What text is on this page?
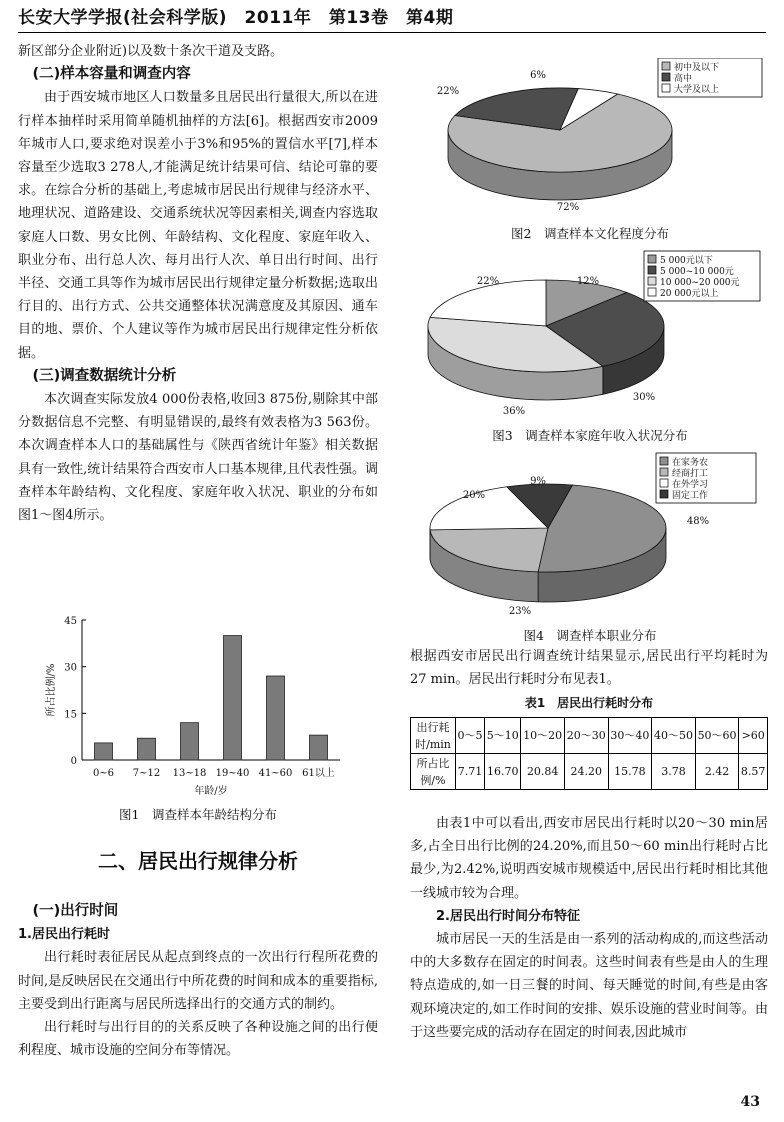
长安大学学报(社会科学版)　2011年　第13卷　第4期

新区部分企业附近)以及数十条次干道及支路。

(二)样本容量和调查内容

由于西安城市地区人口数量多且居民出行量很大,所以在进行样本抽样时采用简单随机抽样的方法[6]。根据西安市2009年城市人口,要求绝对误差小于3%和95%的置信水平[7],样本容量至少选取3 278人,才能满足统计结果可信、结论可靠的要求。在综合分析的基础上,考虑城市居民出行规律与经济水平、地理状况、道路建设、交通系统状况等因素相关,调查内容选取家庭人口数、男女比例、年龄结构、文化程度、家庭年收入、职业分布、出行总人次、每月出行人次、单日出行时间、出行半径、交通工具等作为城市居民出行规律定量分析数据;选取出行目的、出行方式、公共交通整体状况满意度及其原因、通车目的地、票价、个人建议等作为城市居民出行规律定性分析依据。

(三)调查数据统计分析

本次调查实际发放4 000份表格,收回3 875份,剔除其中部分数据信息不完整、有明显错误的,最终有效表格为3 563份。本次调查样本人口的基础属性与《陕西省统计年鉴》相关数据具有一致性,统计结果符合西安市人口基本规律,且代表性强。调查样本年龄结构、文化程度、家庭年收入状况、职业的分布如图1～图4所示。

0
15
30
45
0~6 7~12 13~18 19~40 41~60 61以上
年龄/岁
所占比例/%
图1　调查样本年龄结构分布
二、居民出行规律分析

(一)出行时间

1.居民出行耗时

出行耗时表征居民从起点到终点的一次出行行程所花费的时间,是反映居民在交通出行中所花费的时间和成本的重要指标,主要受到出行距离与居民所选择出行的交通方式的制约。

出行耗时与出行目的的关系反映了各种设施之间的出行便利程度、城市设施的空间分布等情况。

72%
22%
6%
初中及以下
高中
大学及以上
图2　调查样本文化程度分布
12%
30%
36%
22%
5 000元以下
5 000~10 000元
10 000~20 000元
20 000元以上
图3　调查样本家庭年收入状况分布
48%
23%
20%
9%
在家务农
经商打工
在外学习
固定工作
图4　调查样本职业分布

根据西安市居民出行调查统计结果显示,居民出行平均耗时为27 min。居民出行耗时分布见表1。

表1　居民出行耗时分布
出行耗时/min	0～5	5～10	10～20	20～30	30～40	40～50	50～60	>60
所占比例/%	7.71	16.70	20.84	24.20	15.78	3.78	2.42	8.57

由表1中可以看出,西安市居民出行耗时以20～30 min居多,占全日出行比例的24.20%,而且50～60 min出行耗时占比最少,为2.42%,说明西安城市规模适中,居民出行耗时相比其他一线城市较为合理。

2.居民出行时间分布特征

城市居民一天的生活是由一系列的活动构成的,而这些活动中的大多数存在固定的时间表。这些时间表有些是由人的生理特点造成的,如一日三餐的时间、每天睡觉的时间,有些是由客观环境决定的,如工作时间的安排、娱乐设施的营业时间等。由于这些要完成的活动存在固定的时间表,因此城市

43
